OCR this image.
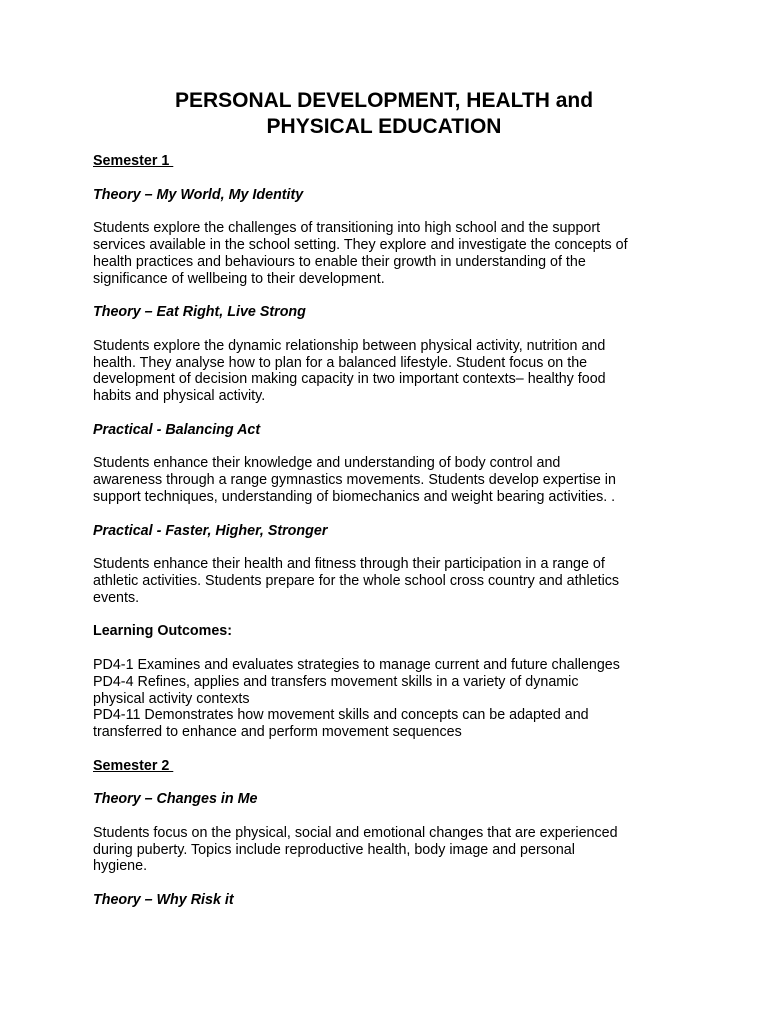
PERSONAL DEVELOPMENT, HEALTH and
PHYSICAL EDUCATION

Semester 1

Theory – My World, My Identity

Students explore the challenges of transitioning into high school and the support

services available in the school setting. They explore and investigate the concepts of

health practices and behaviours to enable their growth in understanding of the

significance of wellbeing to their development.

Theory – Eat Right, Live Strong

Students explore the dynamic relationship between physical activity, nutrition and

health. They analyse how to plan for a balanced lifestyle. Student focus on the

development of decision making capacity in two important contexts– healthy food

habits and physical activity.

Practical - Balancing Act

Students enhance their knowledge and understanding of body control and

awareness through a range gymnastics movements. Students develop expertise in

support techniques, understanding of biomechanics and weight bearing activities. .

Practical - Faster, Higher, Stronger

Students enhance their health and fitness through their participation in a range of

athletic activities. Students prepare for the whole school cross country and athletics

events.

Learning Outcomes:

PD4-1 Examines and evaluates strategies to manage current and future challenges

PD4-4 Refines, applies and transfers movement skills in a variety of dynamic

physical activity contexts

PD4-11 Demonstrates how movement skills and concepts can be adapted and

transferred to enhance and perform movement sequences

Semester 2

Theory – Changes in Me

Students focus on the physical, social and emotional changes that are experienced

during puberty. Topics include reproductive health, body image and personal

hygiene.

Theory – Why Risk it
